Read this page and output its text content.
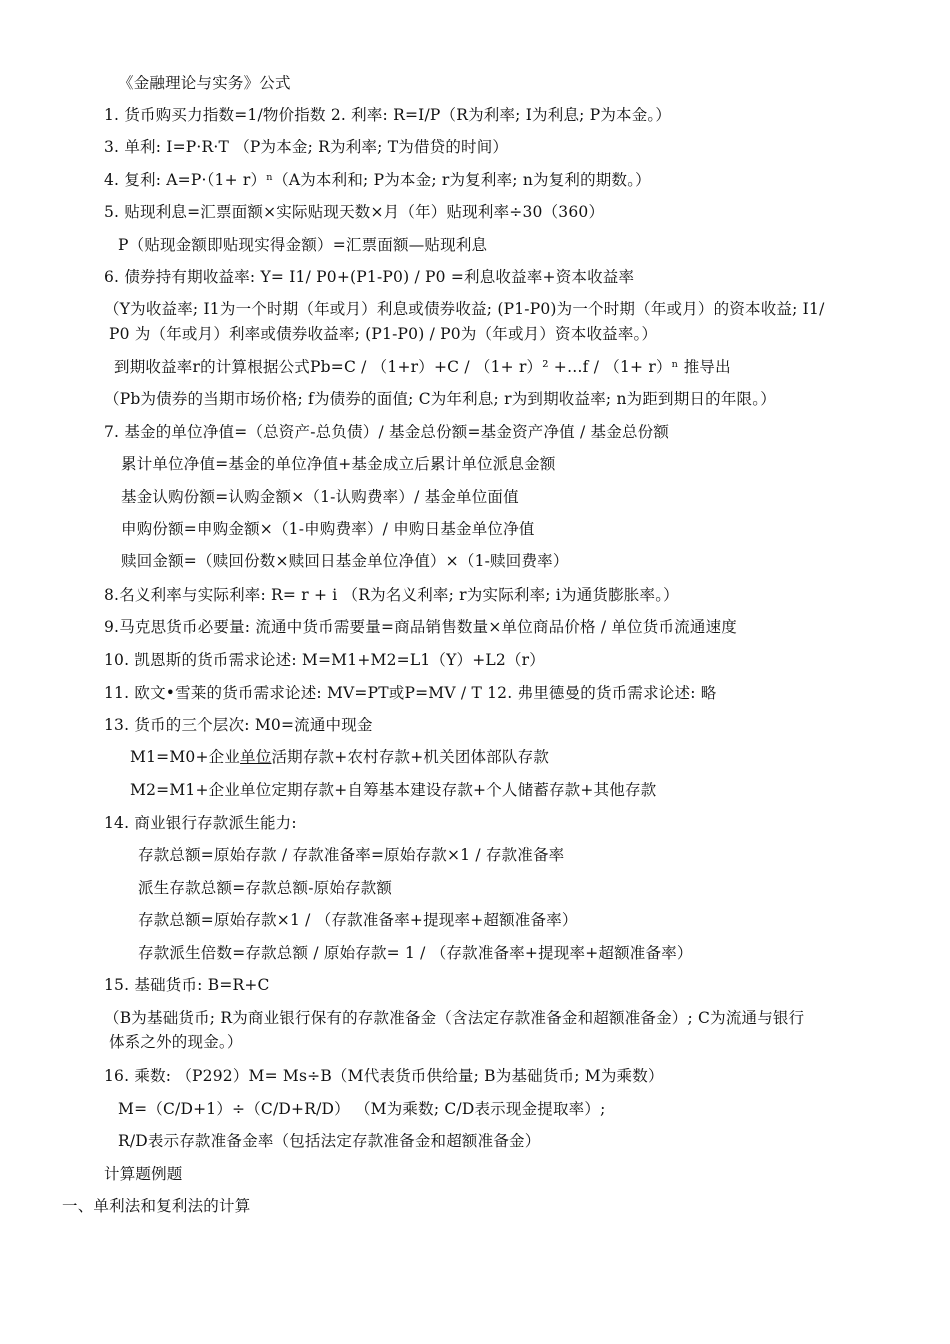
《金融理论与实务》公式
1. 货币购买力指数=1/物价指数 2. 利率: R=I/P（R为利率; I为利息; P为本金。）
3. 单利: I=P·R·T （P为本金; R为利率; T为借贷的时间）
4. 复利: A=P·（1+ r）ⁿ（A为本利和; P为本金; r为复利率; n为复利的期数。）
5. 贴现利息=汇票面额×实际贴现天数×月（年）贴现利率÷30（360）
P（贴现金额即贴现实得金额）=汇票面额—贴现利息
6. 债券持有期收益率: Y= I1/ P0+(P1-P0) / P0 =利息收益率+资本收益率
（Y为收益率; I1为一个时期（年或月）利息或债券收益; (P1-P0)为一个时期（年或月）的资本收益; I1/
P0 为（年或月）利率或债券收益率; (P1-P0) / P0为（年或月）资本收益率。）
到期收益率r的计算根据公式Pb=C / （1+r）+C / （1+ r）² +…f / （1+ r）ⁿ 推导出
（Pb为债券的当期市场价格; f为债券的面值; C为年利息; r为到期收益率; n为距到期日的年限。）
7. 基金的单位净值=（总资产-总负债）/ 基金总份额=基金资产净值 / 基金总份额
累计单位净值=基金的单位净值+基金成立后累计单位派息金额
基金认购份额=认购金额×（1-认购费率）/ 基金单位面值
申购份额=申购金额×（1-申购费率）/ 申购日基金单位净值
赎回金额=（赎回份数×赎回日基金单位净值）×（1-赎回费率）
8.名义利率与实际利率: R= r + i （R为名义利率; r为实际利率; i为通货膨胀率。）
9.马克思货币必要量: 流通中货币需要量=商品销售数量×单位商品价格 / 单位货币流通速度
10. 凯恩斯的货币需求论述: M=M1+M2=L1（Y）+L2（r）
11. 欧文•雪莱的货币需求论述: MV=PT或P=MV / T 12. 弗里德曼的货币需求论述: 略
13. 货币的三个层次: M0=流通中现金
M1=M0+企业单位活期存款+农村存款+机关团体部队存款
M2=M1+企业单位定期存款+自筹基本建设存款+个人储蓄存款+其他存款
14. 商业银行存款派生能力:
存款总额=原始存款 / 存款准备率=原始存款×1 / 存款准备率
派生存款总额=存款总额-原始存款额
存款总额=原始存款×1 / （存款准备率+提现率+超额准备率）
存款派生倍数=存款总额 / 原始存款= 1 / （存款准备率+提现率+超额准备率）
15. 基础货币: B=R+C
（B为基础货币; R为商业银行保有的存款准备金（含法定存款准备金和超额准备金）; C为流通与银行
体系之外的现金。）
16. 乘数: （P292）M= Ms÷B（M代表货币供给量; B为基础货币; M为乘数）
M=（C/D+1）÷（C/D+R/D） （M为乘数; C/D表示现金提取率）;
R/D表示存款准备金率（包括法定存款准备金和超额准备金）
计算题例题
一、单利法和复利法的计算
